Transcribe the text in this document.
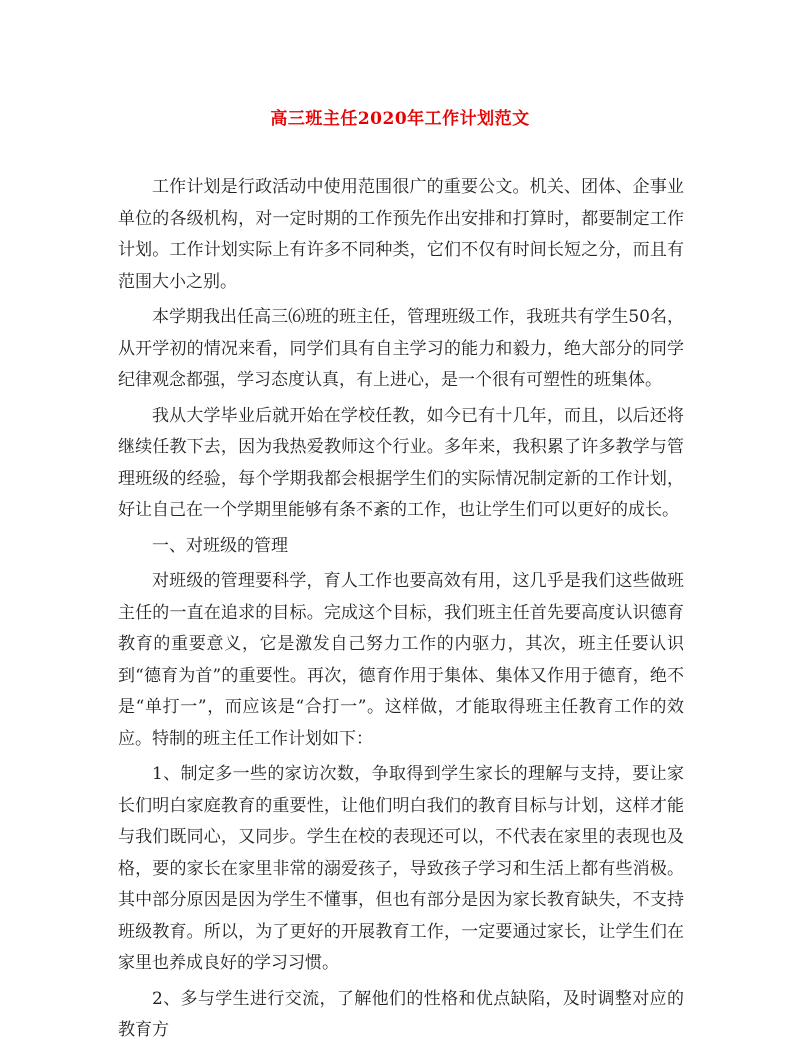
高三班主任2020年工作计划范文

工作计划是行政活动中使用范围很广的重要公文。机关、团体、企事业单位的各级机构，对一定时期的工作预先作出安排和打算时，都要制定工作计划。工作计划实际上有许多不同种类，它们不仅有时间长短之分，而且有范围大小之别。

本学期我出任高三⑹班的班主任，管理班级工作，我班共有学生50名，从开学初的情况来看，同学们具有自主学习的能力和毅力，绝大部分的同学纪律观念都强，学习态度认真，有上进心，是一个很有可塑性的班集体。

我从大学毕业后就开始在学校任教，如今已有十几年，而且，以后还将继续任教下去，因为我热爱教师这个行业。多年来，我积累了许多教学与管理班级的经验，每个学期我都会根据学生们的实际情况制定新的工作计划，好让自己在一个学期里能够有条不紊的工作，也让学生们可以更好的成长。

一、对班级的管理

对班级的管理要科学，育人工作也要高效有用，这几乎是我们这些做班主任的一直在追求的目标。完成这个目标，我们班主任首先要高度认识德育教育的重要意义，它是激发自己努力工作的内驱力，其次，班主任要认识到“德育为首”的重要性。再次，德育作用于集体、集体又作用于德育，绝不是“单打一”，而应该是“合打一”。这样做，才能取得班主任教育工作的效应。特制的班主任工作计划如下：

1、制定多一些的家访次数，争取得到学生家长的理解与支持，要让家长们明白家庭教育的重要性，让他们明白我们的教育目标与计划，这样才能与我们既同心，又同步。学生在校的表现还可以，不代表在家里的表现也及格，要的家长在家里非常的溺爱孩子，导致孩子学习和生活上都有些消极。其中部分原因是因为学生不懂事，但也有部分是因为家长教育缺失，不支持班级教育。所以，为了更好的开展教育工作，一定要通过家长，让学生们在家里也养成良好的学习习惯。

2、多与学生进行交流，了解他们的性格和优点缺陷，及时调整对应的教育方
